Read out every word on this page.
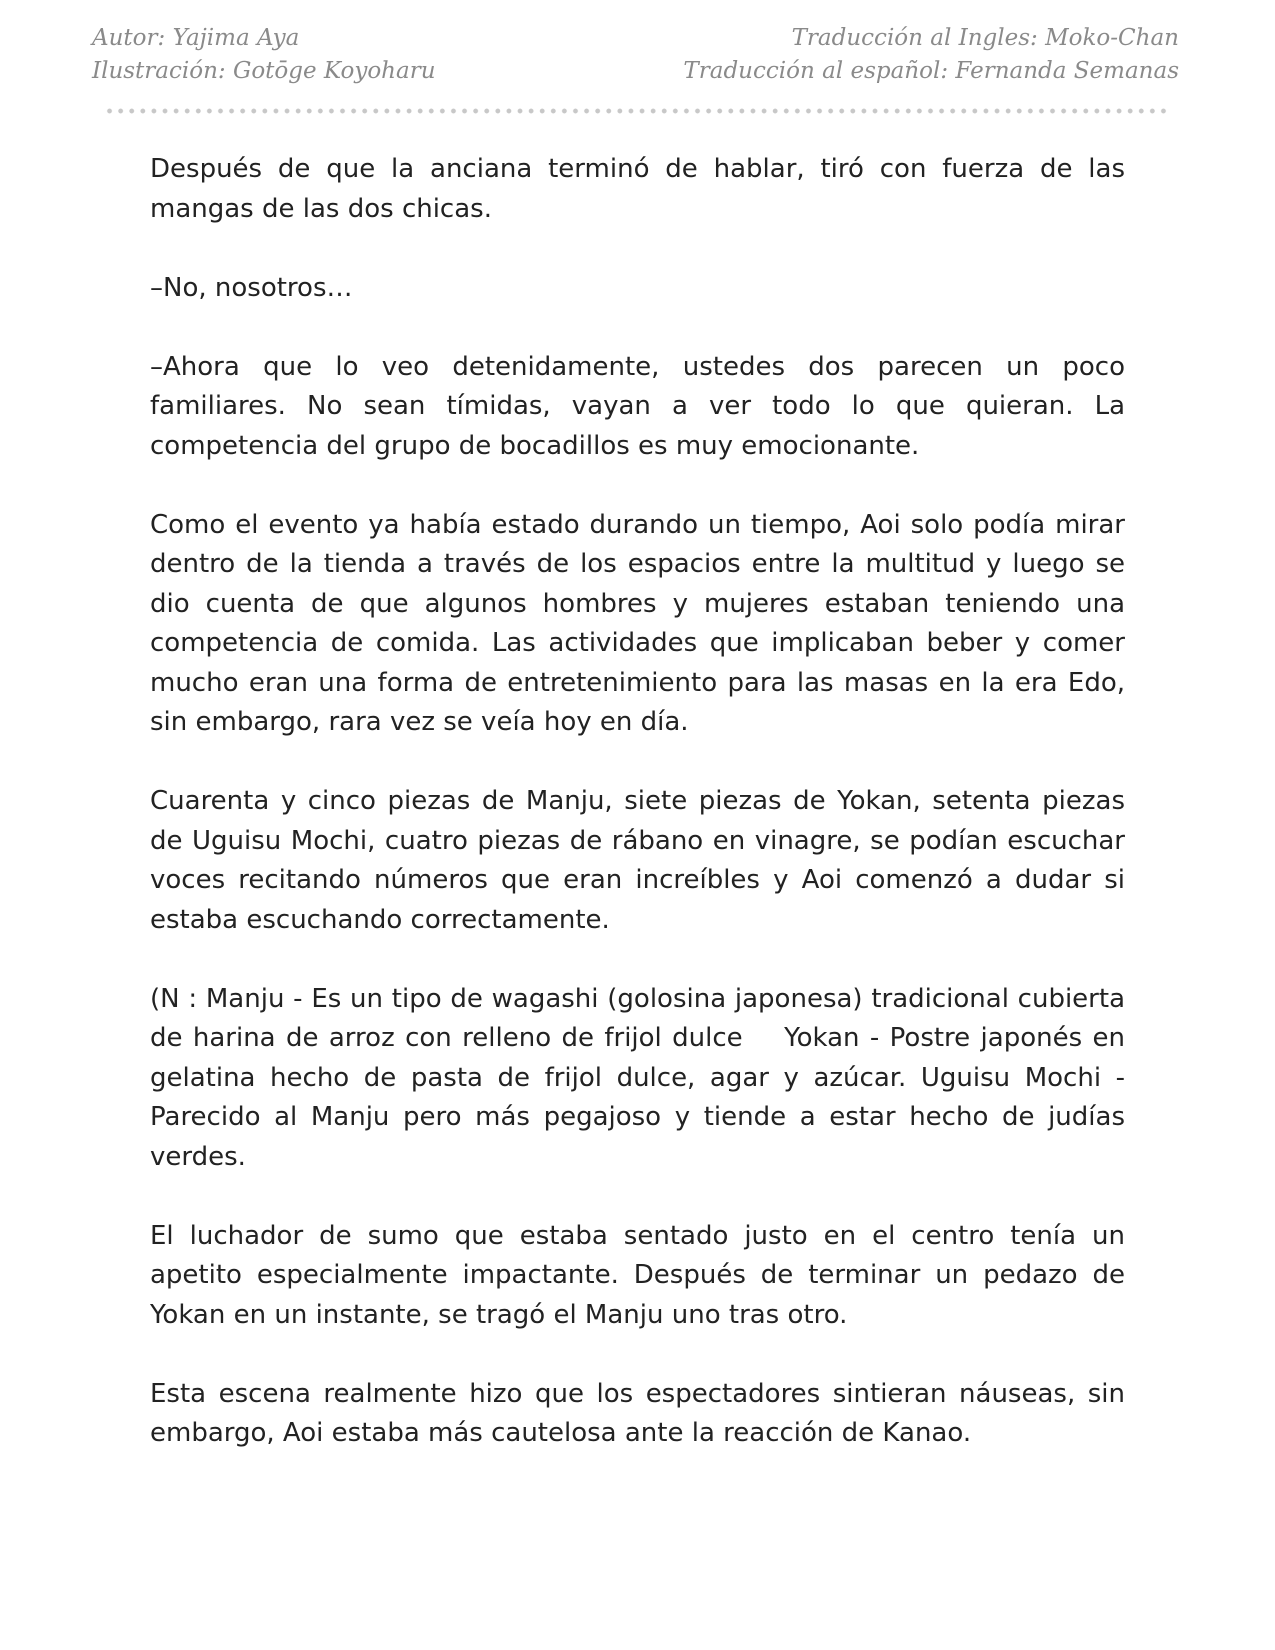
Autor: Yajima Aya
Ilustración: Gotōge Koyoharu
Traducción al Ingles: Moko-Chan
Traducción al español: Fernanda Semanas

Después de que la anciana terminó de hablar, tiró con fuerza de las mangas de las dos chicas.

–No, nosotros…

–Ahora que lo veo detenidamente, ustedes dos parecen un poco familiares. No sean tímidas, vayan a ver todo lo que quieran. La competencia del grupo de bocadillos es muy emocionante.

Como el evento ya había estado durando un tiempo, Aoi solo podía mirar dentro de la tienda a través de los espacios entre la multitud y luego se dio cuenta de que algunos hombres y mujeres estaban teniendo una competencia de comida. Las actividades que implicaban beber y comer mucho eran una forma de entretenimiento para las masas en la era Edo, sin embargo, rara vez se veía hoy en día.

Cuarenta y cinco piezas de Manju, siete piezas de Yokan, setenta piezas de Uguisu Mochi, cuatro piezas de rábano en vinagre, se podían escuchar voces recitando números que eran increíbles y Aoi comenzó a dudar si estaba escuchando correctamente.

(N : Manju - Es un tipo de wagashi (golosina japonesa) tradicional cubierta de harina de arroz con relleno de frijol dulce    Yokan - Postre japonés en gelatina hecho de pasta de frijol dulce, agar y azúcar. Uguisu Mochi - Parecido al Manju pero más pegajoso y tiende a estar hecho de judías verdes.

El luchador de sumo que estaba sentado justo en el centro tenía un apetito especialmente impactante. Después de terminar un pedazo de Yokan en un instante, se tragó el Manju uno tras otro.

Esta escena realmente hizo que los espectadores sintieran náuseas, sin embargo, Aoi estaba más cautelosa ante la reacción de Kanao.
